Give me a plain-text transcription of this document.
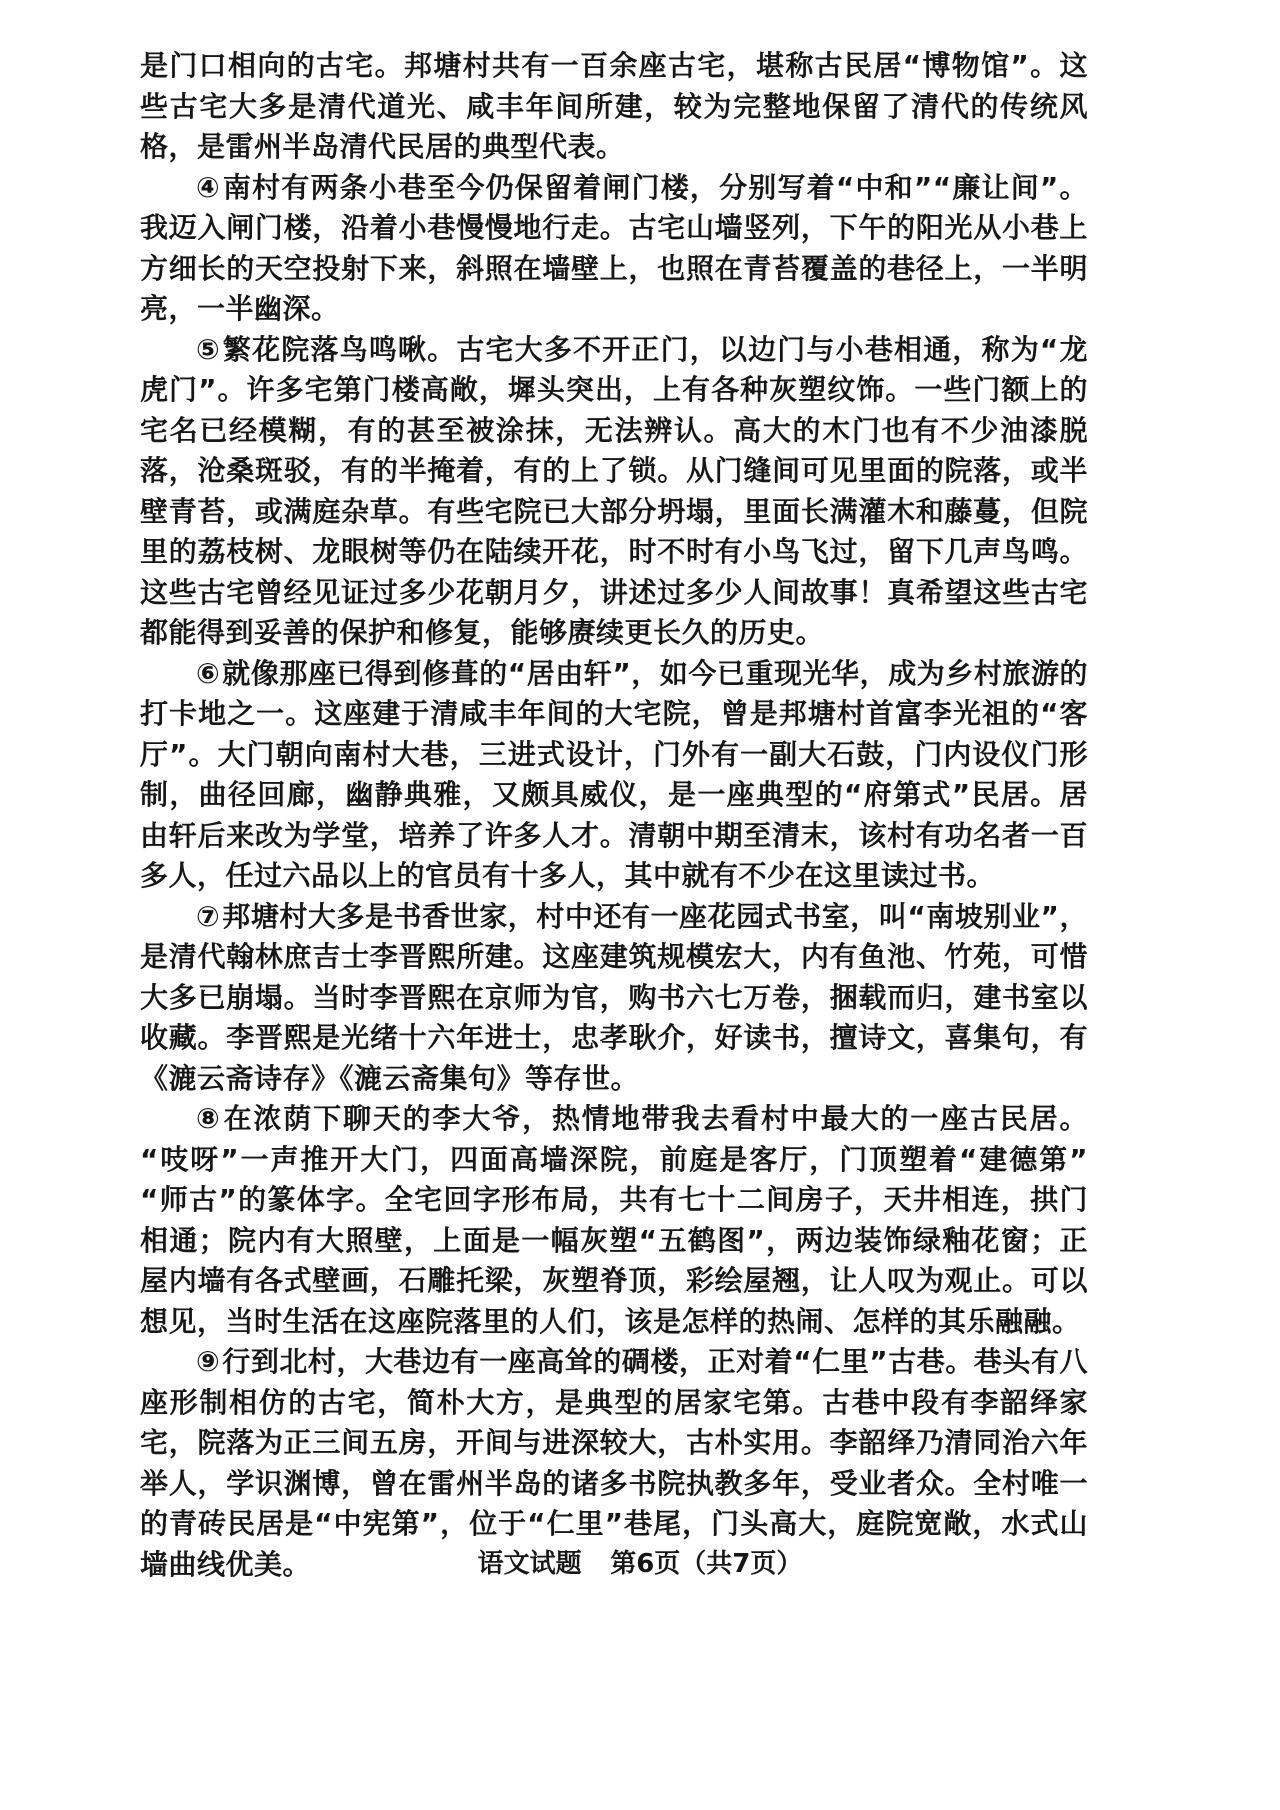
是门口相向的古宅。邦塘村共有一百余座古宅，堪称古民居“博物馆”。这些古宅大多是清代道光、咸丰年间所建，较为完整地保留了清代的传统风格，是雷州半岛清代民居的典型代表。

④南村有两条小巷至今仍保留着闸门楼，分别写着“中和”“廉让间”。我迈入闸门楼，沿着小巷慢慢地行走。古宅山墙竖列，下午的阳光从小巷上方细长的天空投射下来，斜照在墙壁上，也照在青苔覆盖的巷径上，一半明亮，一半幽深。

⑤繁花院落鸟鸣啾。古宅大多不开正门，以边门与小巷相通，称为“龙虎门”。许多宅第门楼高敞，墀头突出，上有各种灰塑纹饰。一些门额上的宅名已经模糊，有的甚至被涂抹，无法辨认。高大的木门也有不少油漆脱落，沧桑斑驳，有的半掩着，有的上了锁。从门缝间可见里面的院落，或半壁青苔，或满庭杂草。有些宅院已大部分坍塌，里面长满灌木和藤蔓，但院里的荔枝树、龙眼树等仍在陆续开花，时不时有小鸟飞过，留下几声鸟鸣。这些古宅曾经见证过多少花朝月夕，讲述过多少人间故事！真希望这些古宅都能得到妥善的保护和修复，能够赓续更长久的历史。

⑥就像那座已得到修葺的“居由轩”，如今已重现光华，成为乡村旅游的打卡地之一。这座建于清咸丰年间的大宅院，曾是邦塘村首富李光祖的“客厅”。大门朝向南村大巷，三进式设计，门外有一副大石鼓，门内设仪门形制，曲径回廊，幽静典雅，又颇具威仪，是一座典型的“府第式”民居。居由轩后来改为学堂，培养了许多人才。清朝中期至清末，该村有功名者一百多人，任过六品以上的官员有十多人，其中就有不少在这里读过书。

⑦邦塘村大多是书香世家，村中还有一座花园式书室，叫“南坡别业”，是清代翰林庶吉士李晋熙所建。这座建筑规模宏大，内有鱼池、竹苑，可惜大多已崩塌。当时李晋熙在京师为官，购书六七万卷，捆载而归，建书室以收藏。李晋熙是光绪十六年进士，忠孝耿介，好读书，擅诗文，喜集句，有《漉云斋诗存》《漉云斋集句》等存世。

⑧在浓荫下聊天的李大爷，热情地带我去看村中最大的一座古民居。“吱呀”一声推开大门，四面高墙深院，前庭是客厅，门顶塑着“建德第”“师古”的篆体字。全宅回字形布局，共有七十二间房子，天井相连，拱门相通；院内有大照壁，上面是一幅灰塑“五鹤图”，两边装饰绿釉花窗；正屋内墙有各式壁画，石雕托梁，灰塑脊顶，彩绘屋翘，让人叹为观止。可以想见，当时生活在这座院落里的人们，该是怎样的热闹、怎样的其乐融融。

⑨行到北村，大巷边有一座高耸的碉楼，正对着“仁里”古巷。巷头有八座形制相仿的古宅，简朴大方，是典型的居家宅第。古巷中段有李韶绎家宅，院落为正三间五房，开间与进深较大，古朴实用。李韶绎乃清同治六年举人，学识渊博，曾在雷州半岛的诸多书院执教多年，受业者众。全村唯一的青砖民居是“中宪第”，位于“仁里”巷尾，门头高大，庭院宽敞，水式山墙曲线优美。	语文试题 第6页（共7页）
